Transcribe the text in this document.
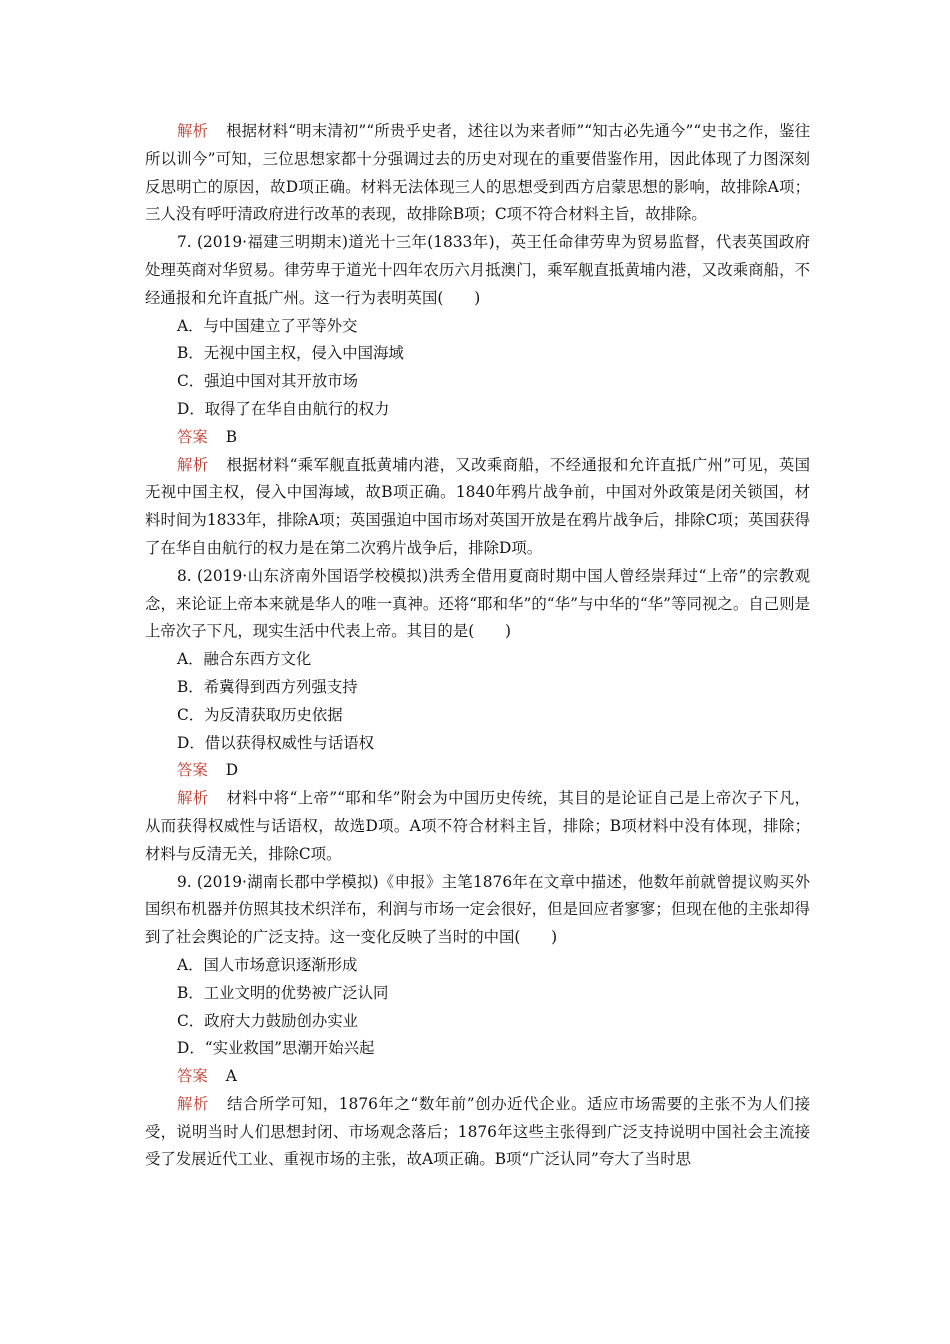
解析 根据材料“明末清初”“所贵乎史者，述往以为来者师”“知古必先通今”“史书之作，鉴往所以训今”可知，三位思想家都十分强调过去的历史对现在的重要借鉴作用，因此体现了力图深刻反思明亡的原因，故D项正确。材料无法体现三人的思想受到西方启蒙思想的影响，故排除A项；三人没有呼吁清政府进行改革的表现，故排除B项；C项不符合材料主旨，故排除。

7. (2019·福建三明期末)道光十三年(1833年)，英王任命律劳卑为贸易监督，代表英国政府处理英商对华贸易。律劳卑于道光十四年农历六月抵澳门，乘军舰直抵黄埔内港，又改乘商船，不经通报和允许直抵广州。这一行为表明英国(　　)

A．与中国建立了平等外交

B．无视中国主权，侵入中国海域

C．强迫中国对其开放市场

D．取得了在华自由航行的权力

答案 B

解析 根据材料“乘军舰直抵黄埔内港，又改乘商船，不经通报和允许直抵广州”可见，英国无视中国主权，侵入中国海域，故B项正确。1840年鸦片战争前，中国对外政策是闭关锁国，材料时间为1833年，排除A项；英国强迫中国市场对英国开放是在鸦片战争后，排除C项；英国获得了在华自由航行的权力是在第二次鸦片战争后，排除D项。

8. (2019·山东济南外国语学校模拟)洪秀全借用夏商时期中国人曾经崇拜过“上帝”的宗教观念，来论证上帝本来就是华人的唯一真神。还将“耶和华”的“华”与中华的“华”等同视之。自己则是上帝次子下凡，现实生活中代表上帝。其目的是(　　)

A．融合东西方文化

B．希冀得到西方列强支持

C．为反清获取历史依据

D．借以获得权威性与话语权

答案 D

解析 材料中将“上帝”“耶和华”附会为中国历史传统，其目的是论证自己是上帝次子下凡，从而获得权威性与话语权，故选D项。A项不符合材料主旨，排除；B项材料中没有体现，排除；材料与反清无关，排除C项。

9. (2019·湖南长郡中学模拟)《申报》主笔1876年在文章中描述，他数年前就曾提议购买外国织布机器并仿照其技术织洋布，利润与市场一定会很好，但是回应者寥寥；但现在他的主张却得到了社会舆论的广泛支持。这一变化反映了当时的中国(　　)

A．国人市场意识逐渐形成

B．工业文明的优势被广泛认同

C．政府大力鼓励创办实业

D．“实业救国”思潮开始兴起

答案 A

解析 结合所学可知，1876年之“数年前”创办近代企业。适应市场需要的主张不为人们接受，说明当时人们思想封闭、市场观念落后；1876年这些主张得到广泛支持说明中国社会主流接受了发展近代工业、重视市场的主张，故A项正确。B项“广泛认同”夸大了当时思
